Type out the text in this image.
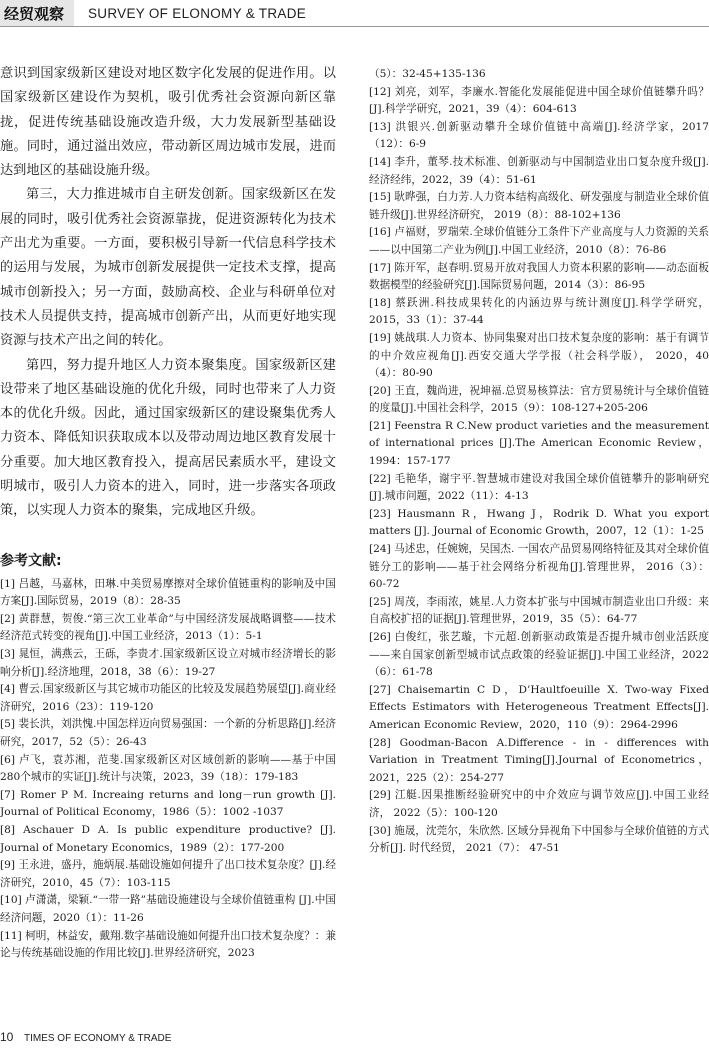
经贸观察	SURVEY OF ELONOMY & TRADE

意识到国家级新区建设对地区数字化发展的促进作用。以国家级新区建设作为契机，吸引优秀社会资源向新区靠拢，促进传统基础设施改造升级，大力发展新型基础设施。同时，通过溢出效应，带动新区周边城市发展，进而达到地区的基础设施升级。

第三，大力推进城市自主研发创新。国家级新区在发展的同时，吸引优秀社会资源靠拢，促进资源转化为技术产出尤为重要。一方面，要积极引导新一代信息科学技术的运用与发展，为城市创新发展提供一定技术支撑，提高城市创新投入；另一方面，鼓励高校、企业与科研单位对技术人员提供支持，提高城市创新产出，从而更好地实现资源与技术产出之间的转化。

第四，努力提升地区人力资本聚集度。国家级新区建设带来了地区基础设施的优化升级，同时也带来了人力资本的优化升级。因此，通过国家级新区的建设聚集优秀人力资本、降低知识获取成本以及带动周边地区教育发展十分重要。加大地区教育投入，提高居民素质水平，建设文明城市，吸引人力资本的进入，同时，进一步落实各项政策，以实现人力资本的聚集，完成地区升级。

参考文献:

[1] 吕越，马嘉林，田琳.中美贸易摩擦对全球价值链重构的影响及中国方案[J].国际贸易，2019（8）：28-35

[2] 黄群慧，贺俊.“第三次工业革命”与中国经济发展战略调整——技术经济范式转变的视角[J].中国工业经济，2013（1）：5-1

[3] 晁恒，满燕云，王砾，李贵才.国家级新区设立对城市经济增长的影响分析[J].经济地理，2018，38（6）：19-27

[4] 曹云.国家级新区与其它城市功能区的比较及发展趋势展望[J].商业经济研究，2016（23）：119-120

[5] 裴长洪，刘洪愧.中国怎样迈向贸易强国：一个新的分析思路[J].经济研究，2017，52（5）：26-43

[6] 卢飞，袁苏湘，范斐.国家级新区对区域创新的影响——基于中国280个城市的实证[J].统计与决策，2023，39（18）：179-183

[7] Romer P M. Increaing returns and long－run growth [J]. Journal of Political Economy，1986（5）：1002 -1037

[8] Aschauer D A. Is public expenditure productive? [J]. Journal of Monetary Economics，1989（2）：177-200

[9] 王永进，盛丹，施炳展.基础设施如何提升了出口技术复杂度？[J].经济研究，2010，45（7）：103-115

[10] 卢潇潇，梁颖.“一带一路”基础设施建设与全球价值链重构 [J].中国经济问题，2020（1）：11-26

[11] 柯明，林益安，戴翔.数字基础设施如何提升出口技术复杂度？：兼论与传统基础设施的作用比较[J].世界经济研究，2023

（5）：32-45+135-136

[12] 刘亮，刘军，李廉水.智能化发展能促进中国全球价值链攀升吗？ [J].科学学研究，2021，39（4）：604-613

[13] 洪银兴.创新驱动攀升全球价值链中高端[J].经济学家，2017（12）：6-9

[14] 李升，董琴.技术标准、创新驱动与中国制造业出口复杂度升级[J].经济经纬，2022，39（4）：51-61

[15] 耿晔强，白力芳.人力资本结构高级化、研发强度与制造业全球价值链升级[J].世界经济研究， 2019（8）：88-102+136

[16] 卢福财，罗瑞荣.全球价值链分工条件下产业高度与人力资源的关系——以中国第二产业为例[J].中国工业经济，2010（8）：76-86

[17] 陈开军，赵春明.贸易开放对我国人力资本积累的影响——动态面板数据模型的经验研究[J].国际贸易问题，2014（3）：86-95

[18] 蔡跃洲.科技成果转化的内涵边界与统计测度[J].科学学研究， 2015，33（1）：37-44

[19] 姚战琪.人力资本、协同集聚对出口技术复杂度的影响：基于有调节的中介效应视角[J].西安交通大学学报（社会科学版）， 2020，40（4）：80-90

[20] 王直，魏尚进，祝坤福.总贸易核算法：官方贸易统计与全球价值链的度量[J].中国社会科学，2015（9）：108-127+205-206

[21] Feenstra R C.New product varieties and the measurement of international prices [J].The American Economic Review，1994：157-177

[22] 毛艳华，谢宇平.智慧城市建设对我国全球价值链攀升的影响研究[J].城市问题，2022（11）：4-13

[23] Hausmann R，Hwang J，Rodrik D. What you export matters [J]. Journal of Economic Growth，2007，12（1）：1-25

[24] 马述忠，任婉婉，吴国杰. 一国农产品贸易网络特征及其对全球价值链分工的影响——基于社会网络分析视角[J].管理世界， 2016（3）：60-72

[25] 周茂，李雨浓，姚星.人力资本扩张与中国城市制造业出口升级：来自高校扩招的证据[J].管理世界，2019，35（5）：64-77

[26] 白俊红，张艺璇，卞元超.创新驱动政策是否提升城市创业活跃度——来自国家创新型城市试点政策的经验证据[J].中国工业经济，2022（6）：61-78

[27] Chaisemartin C D，D’Haultfoeuille X. Two-way Fixed Effects Estimators with Heterogeneous Treatment Effects[J]. American Economic Review，2020，110（9）：2964-2996

[28] Goodman-Bacon A.Difference - in - differences with Variation in Treatment Timing[J].Journal of Econometrics，2021，225（2）：254-277

[29] 江艇.因果推断经验研究中的中介效应与调节效应[J].中国工业经济， 2022（5）：100-120

[30] 施晟，沈莞尔，朱欣然. 区域分异视角下中国参与全球价值链的方式分析[J]. 时代经贸， 2021（7）： 47-51

10 TIMES OF ECONOMY & TRADE
